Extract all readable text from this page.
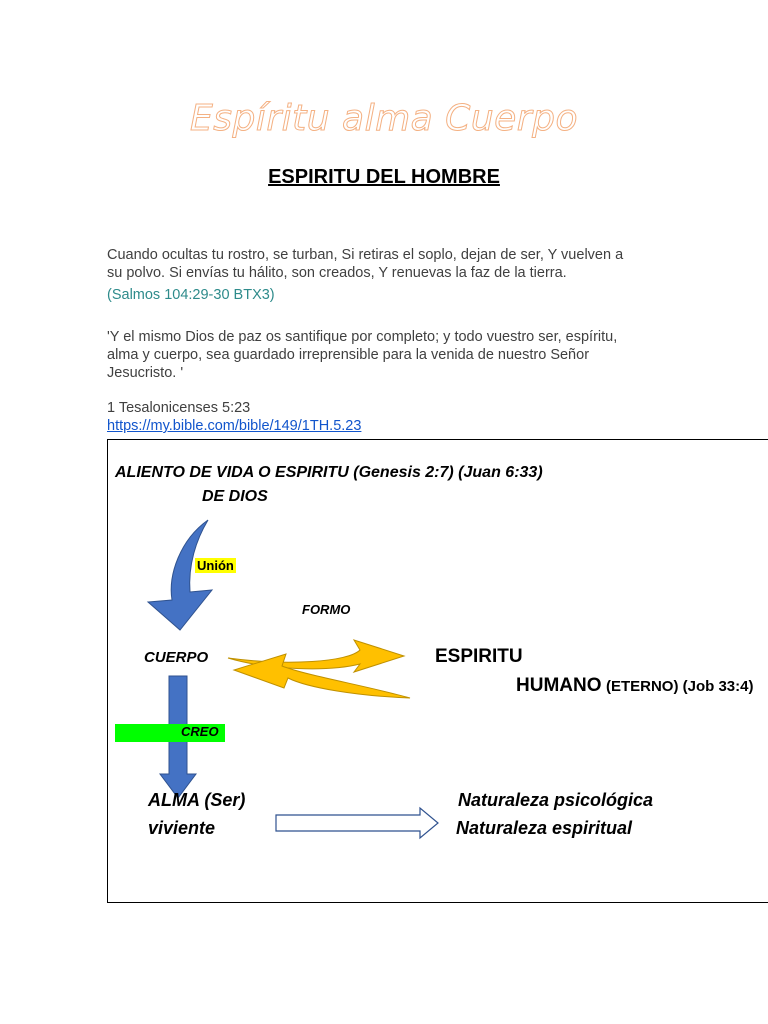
Espíritu alma Cuerpo
ESPIRITU DEL HOMBRE
Cuando ocultas tu rostro, se turban, Si retiras el soplo, dejan de ser, Y vuelven a
su polvo. Si envías tu hálito, son creados, Y renuevas la faz de la tierra.
(Salmos 104:29-30 BTX3)
'Y el mismo Dios de paz os santifique por completo; y todo vuestro ser, espíritu,
alma y cuerpo, sea guardado irreprensible para la venida de nuestro Señor
Jesucristo. '
1 Tesalonicenses 5:23
https://my.bible.com/bible/149/1TH.5.23
ALIENTO DE VIDA O ESPIRITU (Genesis 2:7) (Juan 6:33)
DE DIOS
Unión
FORMO
CUERPO	ESPIRITU
HUMANO (ETERNO) (Job 33:4)
CREO
ALMA (Ser)
viviente
Naturaleza psicológica
Naturaleza espiritual
